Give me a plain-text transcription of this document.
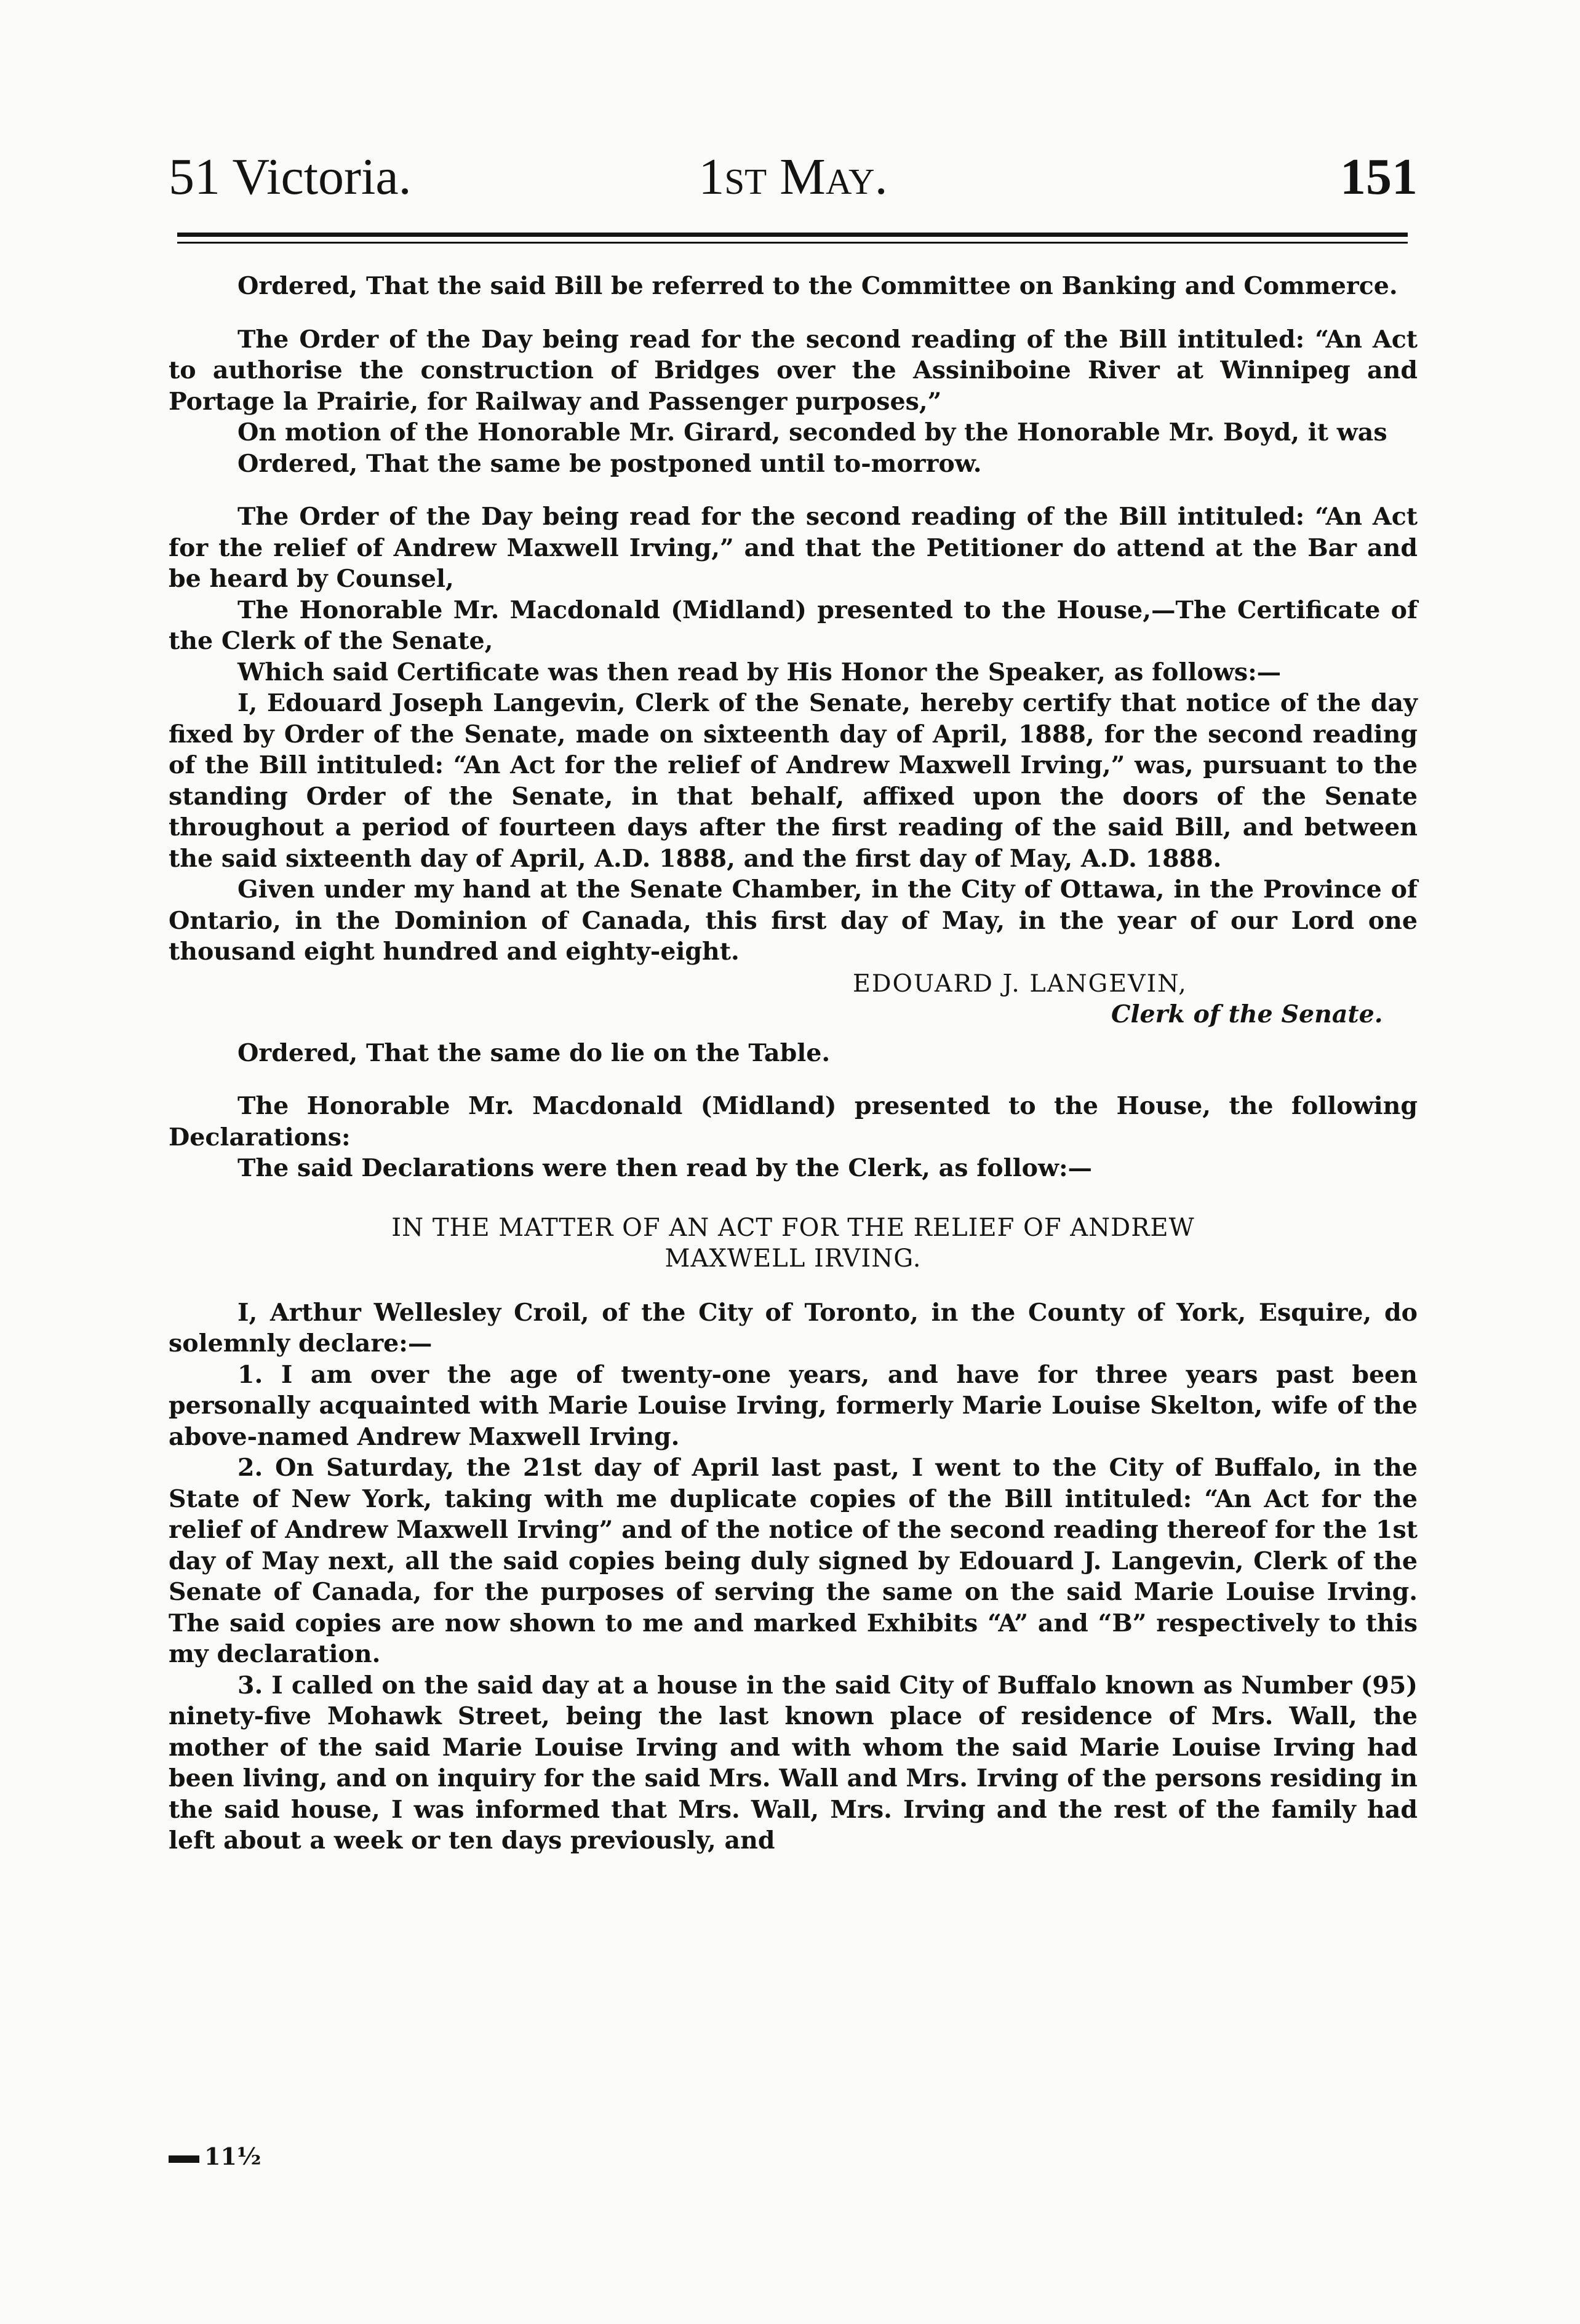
51 Victoria.	1st May.	151

Ordered, That the said Bill be referred to the Committee on Banking and Commerce.

The Order of the Day being read for the second reading of the Bill intituled: “An Act to authorise the construction of Bridges over the Assiniboine River at Winnipeg and Portage la Prairie, for Railway and Passenger purposes,”

On motion of the Honorable Mr. Girard, seconded by the Honorable Mr. Boyd, it was

Ordered, That the same be postponed until to-morrow.

The Order of the Day being read for the second reading of the Bill intituled: “An Act for the relief of Andrew Maxwell Irving,” and that the Petitioner do attend at the Bar and be heard by Counsel,

The Honorable Mr. Macdonald (Midland) presented to the House,—The Certificate of the Clerk of the Senate,

Which said Certificate was then read by His Honor the Speaker, as follows:—

I, Edouard Joseph Langevin, Clerk of the Senate, hereby certify that notice of the day fixed by Order of the Senate, made on sixteenth day of April, 1888, for the second reading of the Bill intituled: “An Act for the relief of Andrew Maxwell Irving,” was, pursuant to the standing Order of the Senate, in that behalf, affixed upon the doors of the Senate throughout a period of fourteen days after the first reading of the said Bill, and between the said sixteenth day of April, A.D. 1888, and the first day of May, A.D. 1888.

Given under my hand at the Senate Chamber, in the City of Ottawa, in the Province of Ontario, in the Dominion of Canada, this first day of May, in the year of our Lord one thousand eight hundred and eighty-eight.

EDOUARD J. LANGEVIN,

Clerk of the Senate.

Ordered, That the same do lie on the Table.

The Honorable Mr. Macdonald (Midland) presented to the House, the following Declarations:

The said Declarations were then read by the Clerk, as follow:—

IN THE MATTER OF AN ACT FOR THE RELIEF OF ANDREW
MAXWELL IRVING.

I, Arthur Wellesley Croil, of the City of Toronto, in the County of York, Esquire, do solemnly declare:—

1. I am over the age of twenty-one years, and have for three years past been personally acquainted with Marie Louise Irving, formerly Marie Louise Skelton, wife of the above-named Andrew Maxwell Irving.

2. On Saturday, the 21st day of April last past, I went to the City of Buffalo, in the State of New York, taking with me duplicate copies of the Bill intituled: “An Act for the relief of Andrew Maxwell Irving” and of the notice of the second reading thereof for the 1st day of May next, all the said copies being duly signed by Edouard J. Langevin, Clerk of the Senate of Canada, for the purposes of serving the same on the said Marie Louise Irving. The said copies are now shown to me and marked Exhibits “A” and “B” respectively to this my declaration.

3. I called on the said day at a house in the said City of Buffalo known as Number (95) ninety-five Mohawk Street, being the last known place of residence of Mrs. Wall, the mother of the said Marie Louise Irving and with whom the said Marie Louise Irving had been living, and on inquiry for the said Mrs. Wall and Mrs. Irving of the persons residing in the said house, I was informed that Mrs. Wall, Mrs. Irving and the rest of the family had left about a week or ten days previously, and

11½
